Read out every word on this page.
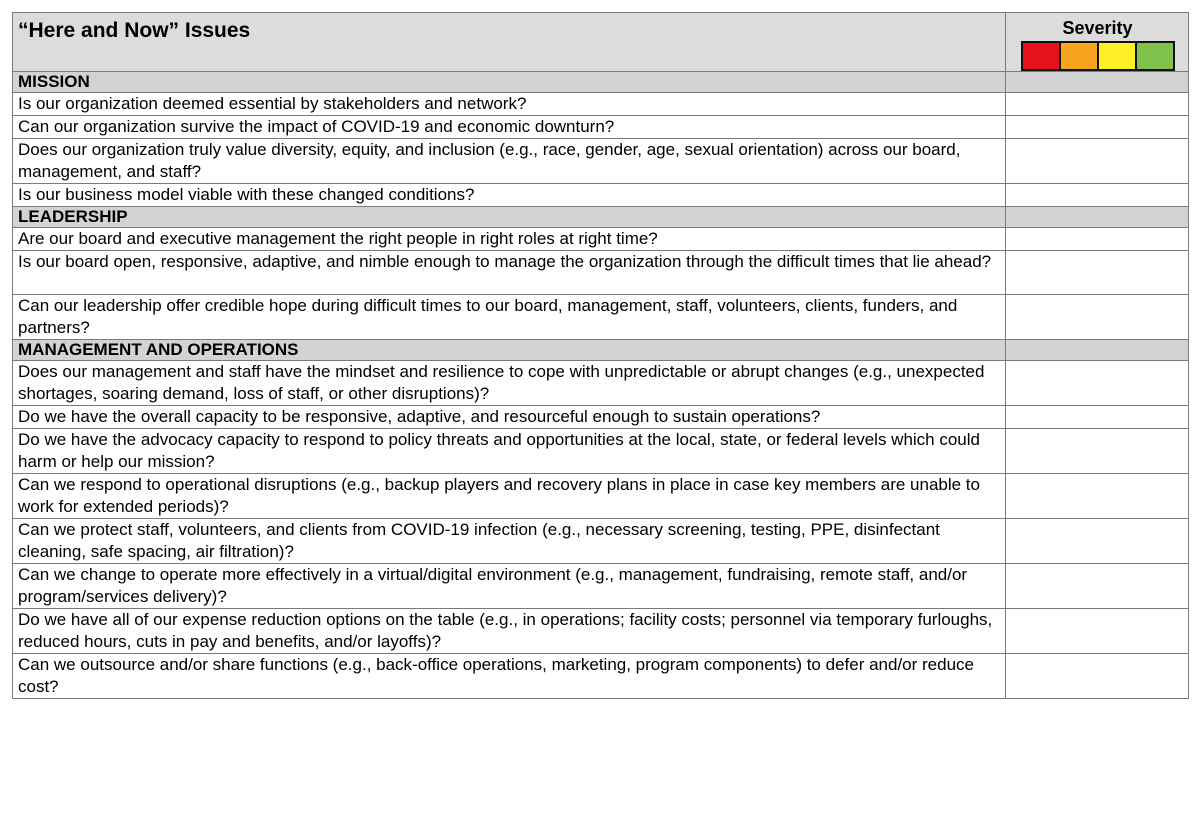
“Here and Now” Issues	Severity

MISSION	
Is our organization deemed essential by stakeholders and network?	
Can our organization survive the impact of COVID-19 and economic downturn?	
Does our organization truly value diversity, equity, and inclusion (e.g., race, gender, age, sexual orientation) across our board, management, and staff?	
Is our business model viable with these changed conditions?	
LEADERSHIP	
Are our board and executive management the right people in right roles at right time?	
Is our board open, responsive, adaptive, and nimble enough to manage the organization through the difficult times that lie ahead?	
Can our leadership offer credible hope during difficult times to our board, management, staff, volunteers, clients, funders, and partners?	
MANAGEMENT AND OPERATIONS	
Does our management and staff have the mindset and resilience to cope with unpredictable or abrupt changes (e.g., unexpected shortages, soaring demand, loss of staff, or other disruptions)?	
Do we have the overall capacity to be responsive, adaptive, and resourceful enough to sustain operations?	
Do we have the advocacy capacity to respond to policy threats and opportunities at the local, state, or federal levels which could harm or help our mission?	
Can we respond to operational disruptions (e.g., backup players and recovery plans in place in case key members are unable to work for extended periods)?	
Can we protect staff, volunteers, and clients from COVID-19 infection (e.g., necessary screening, testing, PPE, disinfectant cleaning, safe spacing, air filtration)?	
Can we change to operate more effectively in a virtual/digital environment (e.g., management, fundraising, remote staff, and/or program/services delivery)?	
Do we have all of our expense reduction options on the table (e.g., in operations; facility costs; personnel via temporary furloughs, reduced hours, cuts in pay and benefits, and/or layoffs)?	
Can we outsource and/or share functions (e.g., back-office operations, marketing, program components) to defer and/or reduce cost?	
